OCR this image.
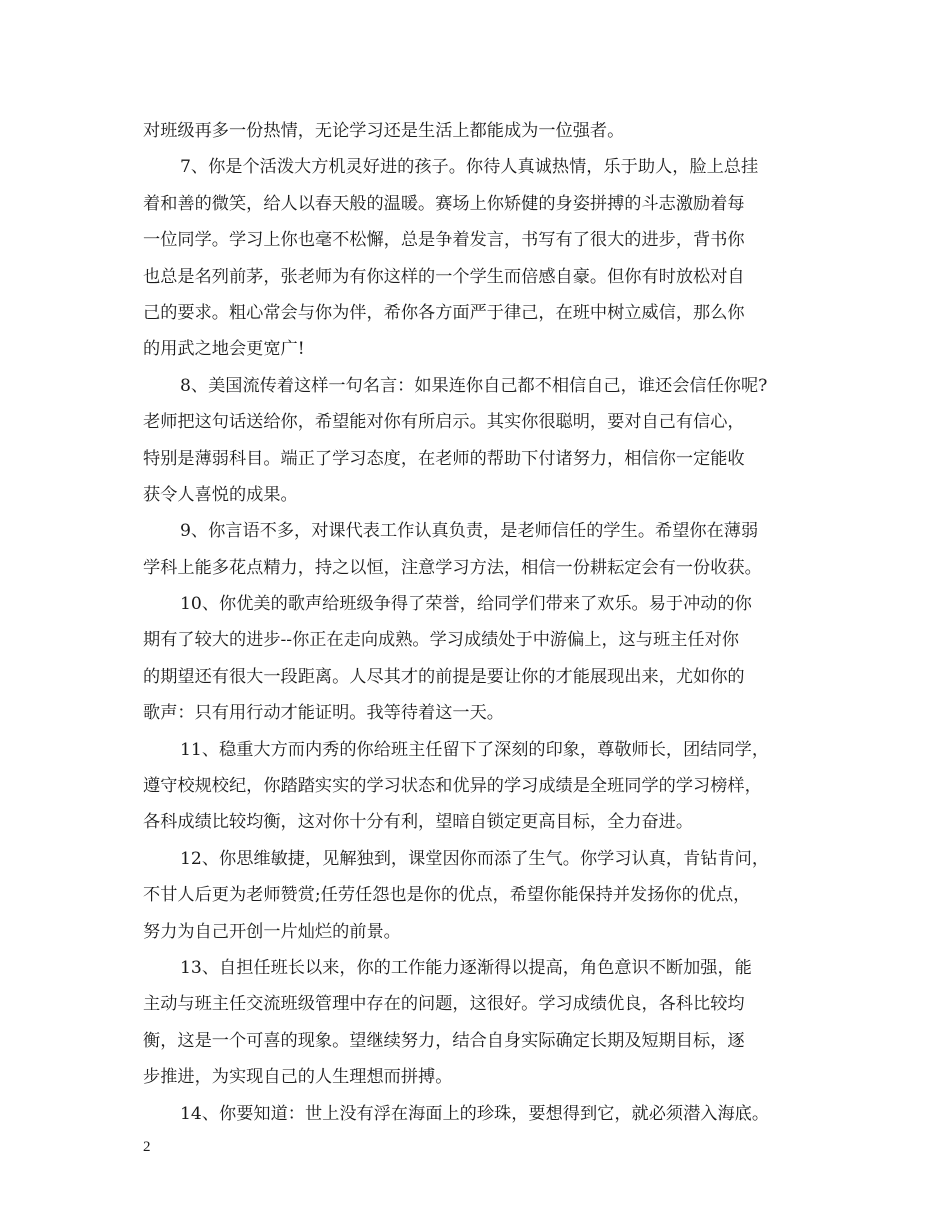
对班级再多一份热情，无论学习还是生活上都能成为一位强者。
7、你是个活泼大方机灵好进的孩子。你待人真诚热情，乐于助人，脸上总挂
着和善的微笑，给人以春天般的温暖。赛场上你矫健的身姿拼搏的斗志激励着每
一位同学。学习上你也毫不松懈，总是争着发言，书写有了很大的进步，背书你
也总是名列前茅，张老师为有你这样的一个学生而倍感自豪。但你有时放松对自
己的要求。粗心常会与你为伴，希你各方面严于律己，在班中树立威信，那么你
的用武之地会更宽广!
8、美国流传着这样一句名言：如果连你自己都不相信自己，谁还会信任你呢?
老师把这句话送给你，希望能对你有所启示。其实你很聪明，要对自己有信心，
特别是薄弱科目。端正了学习态度，在老师的帮助下付诸努力，相信你一定能收
获令人喜悦的成果。
9、你言语不多，对课代表工作认真负责，是老师信任的学生。希望你在薄弱
学科上能多花点精力，持之以恒，注意学习方法，相信一份耕耘定会有一份收获。
10、你优美的歌声给班级争得了荣誉，给同学们带来了欢乐。易于冲动的你
期有了较大的进步--你正在走向成熟。学习成绩处于中游偏上，这与班主任对你
的期望还有很大一段距离。人尽其才的前提是要让你的才能展现出来，尤如你的
歌声：只有用行动才能证明。我等待着这一天。
11、稳重大方而内秀的你给班主任留下了深刻的印象，尊敬师长，团结同学，
遵守校规校纪，你踏踏实实的学习状态和优异的学习成绩是全班同学的学习榜样，
各科成绩比较均衡，这对你十分有利，望暗自锁定更高目标，全力奋进。
12、你思维敏捷，见解独到，课堂因你而添了生气。你学习认真，肯钻肯问，
不甘人后更为老师赞赏;任劳任怨也是你的优点，希望你能保持并发扬你的优点，
努力为自己开创一片灿烂的前景。
13、自担任班长以来，你的工作能力逐渐得以提高，角色意识不断加强，能
主动与班主任交流班级管理中存在的问题，这很好。学习成绩优良，各科比较均
衡，这是一个可喜的现象。望继续努力，结合自身实际确定长期及短期目标，逐
步推进，为实现自己的人生理想而拼搏。
14、你要知道：世上没有浮在海面上的珍珠，要想得到它，就必须潜入海底。
2
